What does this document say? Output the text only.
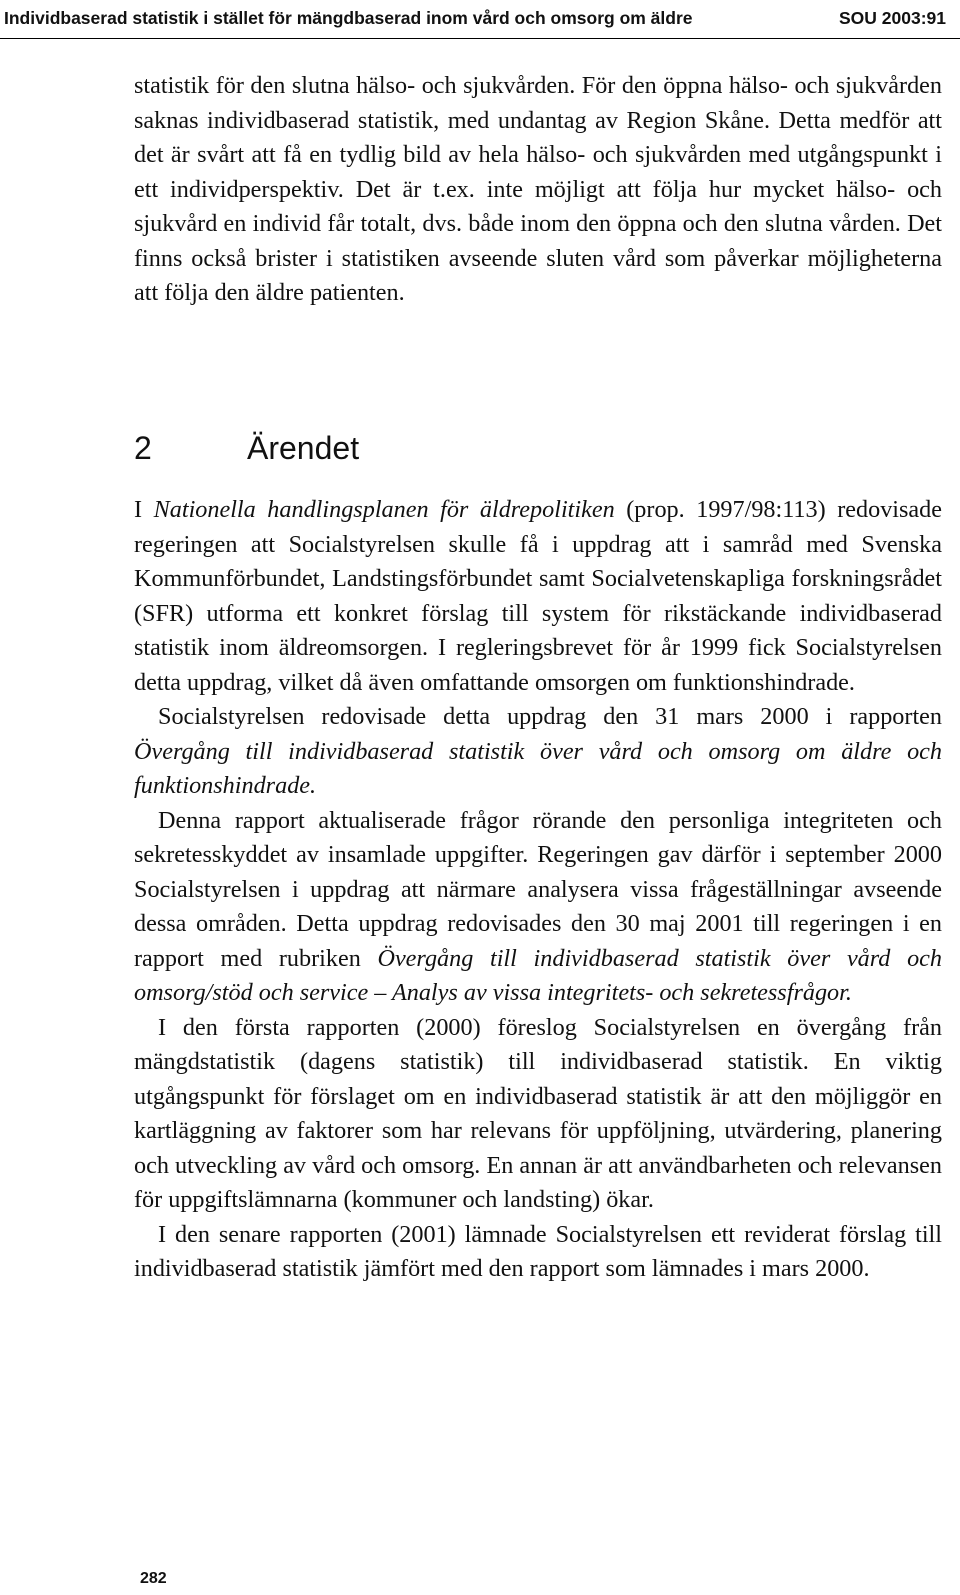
Individbaserad statistik i stället för mängdbaserad inom vård och omsorg om äldre	SOU 2003:91

statistik för den slutna hälso- och sjukvården. För den öppna hälso- och sjukvården saknas individbaserad statistik, med undantag av Region Skåne. Detta medför att det är svårt att få en tydlig bild av hela hälso- och sjukvården med utgångspunkt i ett individperspektiv. Det är t.ex. inte möjligt att följa hur mycket hälso- och sjukvård en individ får totalt, dvs. både inom den öppna och den slutna vården. Det finns också brister i statistiken avseende sluten vård som påverkar möjligheterna att följa den äldre patienten.

2	Ärendet

I Nationella handlingsplanen för äldrepolitiken (prop. 1997/98:113) redovisade regeringen att Socialstyrelsen skulle få i uppdrag att i samråd med Svenska Kommunförbundet, Landstingsförbundet samt Socialvetenskapliga forskningsrådet (SFR) utforma ett konkret förslag till system för rikstäckande individbaserad statistik inom äldreomsorgen. I regleringsbrevet för år 1999 fick Socialstyrelsen detta uppdrag, vilket då även omfattande omsorgen om funktionshindrade.

Socialstyrelsen redovisade detta uppdrag den 31 mars 2000 i rapporten Övergång till individbaserad statistik över vård och omsorg om äldre och funktionshindrade.

Denna rapport aktualiserade frågor rörande den personliga integriteten och sekretesskyddet av insamlade uppgifter. Regeringen gav därför i september 2000 Socialstyrelsen i uppdrag att närmare analysera vissa frågeställningar avseende dessa områden. Detta uppdrag redovisades den 30 maj 2001 till regeringen i en rapport med rubriken Övergång till individbaserad statistik över vård och omsorg/stöd och service – Analys av vissa integritets- och sekretessfrågor.

I den första rapporten (2000) föreslog Socialstyrelsen en övergång från mängdstatistik (dagens statistik) till individbaserad statistik. En viktig utgångspunkt för förslaget om en individbaserad statistik är att den möjliggör en kartläggning av faktorer som har relevans för uppföljning, utvärdering, planering och utveckling av vård och omsorg. En annan är att användbarheten och relevansen för uppgiftslämnarna (kommuner och landsting) ökar.

I den senare rapporten (2001) lämnade Socialstyrelsen ett reviderat förslag till individbaserad statistik jämfört med den rapport som lämnades i mars 2000.

282
